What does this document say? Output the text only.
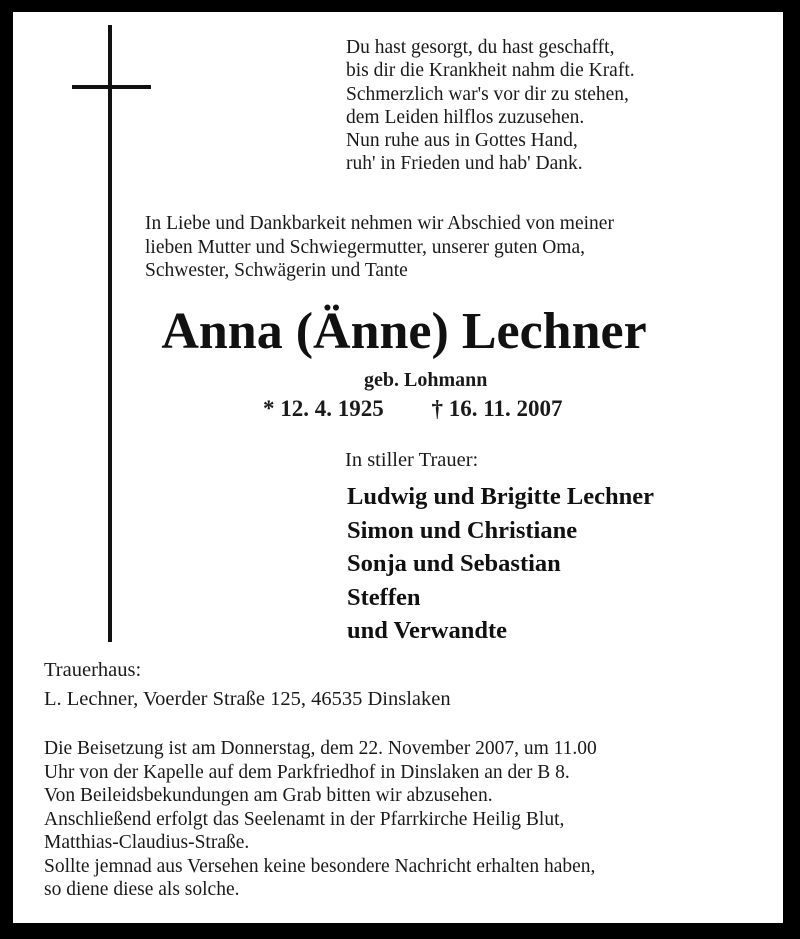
Du hast gesorgt, du hast geschafft,
bis dir die Krankheit nahm die Kraft.
Schmerzlich war's vor dir zu stehen,
dem Leiden hilflos zuzusehen.
Nun ruhe aus in Gottes Hand,
ruh' in Frieden und hab' Dank.
In Liebe und Dankbarkeit nehmen wir Abschied von meiner
lieben Mutter und Schwiegermutter, unserer guten Oma,
Schwester, Schwägerin und Tante
Anna (Änne) Lechner
geb. Lohmann
* 12. 4. 1925 † 16. 11. 2007
In stiller Trauer:
Ludwig und Brigitte Lechner
Simon und Christiane
Sonja und Sebastian
Steffen
und Verwandte
Trauerhaus:
L. Lechner, Voerder Straße 125, 46535 Dinslaken
Die Beisetzung ist am Donnerstag, dem 22. November 2007, um 11.00
Uhr von der Kapelle auf dem Parkfriedhof in Dinslaken an der B 8.
Von Beileidsbekundungen am Grab bitten wir abzusehen.
Anschließend erfolgt das Seelenamt in der Pfarrkirche Heilig Blut,
Matthias-Claudius-Straße.
Sollte jemnad aus Versehen keine besondere Nachricht erhalten haben,
so diene diese als solche.
